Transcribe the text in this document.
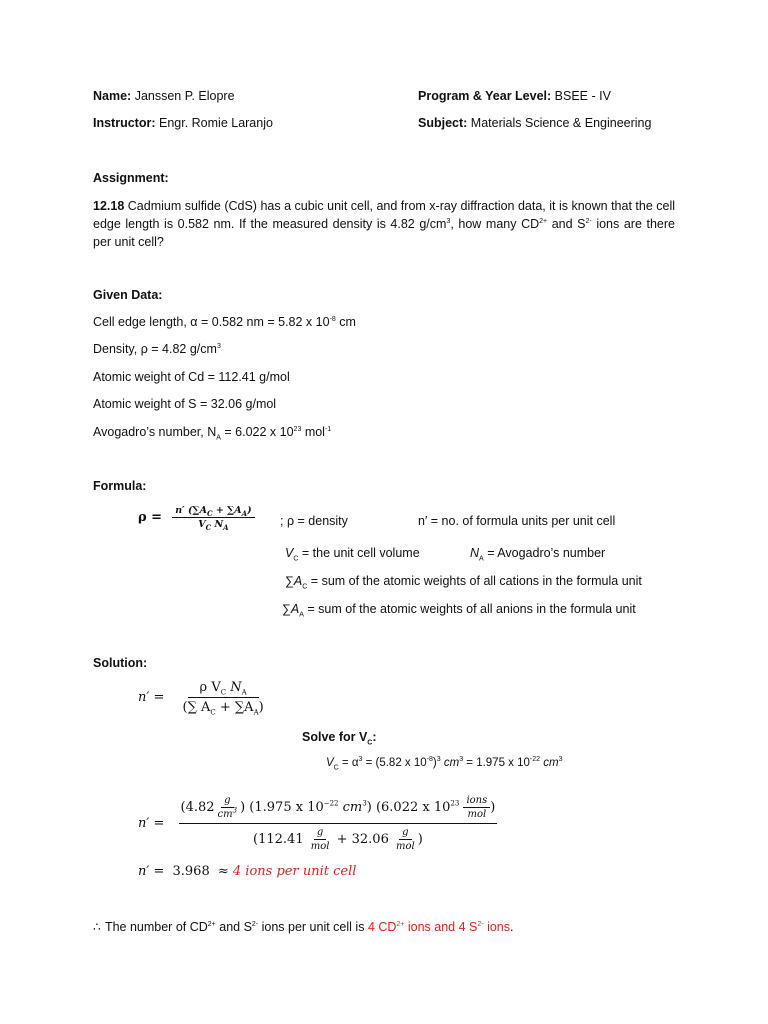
Name: Janssen P. Elopre	Program & Year Level: BSEE - IV
Instructor: Engr. Romie Laranjo	Subject: Materials Science & Engineering
Assignment:
12.18 Cadmium sulfide (CdS) has a cubic unit cell, and from x-ray diffraction data, it is known that the cell edge length is 0.582 nm. If the measured density is 4.82 $g/cm^3$, how many $CD^{2+}$ and $S^{2-}$ ions are there per unit cell?
Given Data:
Cell edge length, α = 0.582 nm = 5.82 x $10^{-8}$ cm
Density, ρ = 4.82 $g/cm^3$
Atomic weight of Cd = 112.41 g/mol
Atomic weight of S = 32.06 g/mol
Avogadro’s number, $N_A = 6.022$ x $10^{23}$ mol$^{-1}$
Formula:
$\rho = \frac{n' (\sum A_C + \sum A_A)}{V_C N_A}$ ; ρ = density	n′ = no. of formula units per unit cell
$V_C$ = the unit cell volume	$N_A$ = Avogadro’s number
$\sum A_C$ = sum of the atomic weights of all cations in the formula unit
$\sum A_A$ = sum of the atomic weights of all anions in the formula unit
Solution:
$n' = \frac{\rho V_C N_A}{(\sum A_C + \sum A_A)}$
Solve for $V_C$:
$V_C = \alpha^3 = (5.82$ x $10^{-8})^3$ $cm^3 = 1.975$ x $10^{-22}$ $cm^3$
n′ =
($4.82 \frac{g}{cm^3}$ ) (1.975 x $10^{-22}$ $cm^3$) (6.022 x $10^{23} \frac{\text{ions}}{\text{mol}}$ )
($112.41 \frac{g}{\text{mol}} + 32.06 \frac{g}{\text{mol}}$ )
n′ = 3.968 ≈ 4 ions per unit cell
∴ The number of $CD^{2+}$ and $S^{2-}$ ions per unit cell is 4 $CD^{2+}$ ions and 4 $S^{2-}$ ions.
